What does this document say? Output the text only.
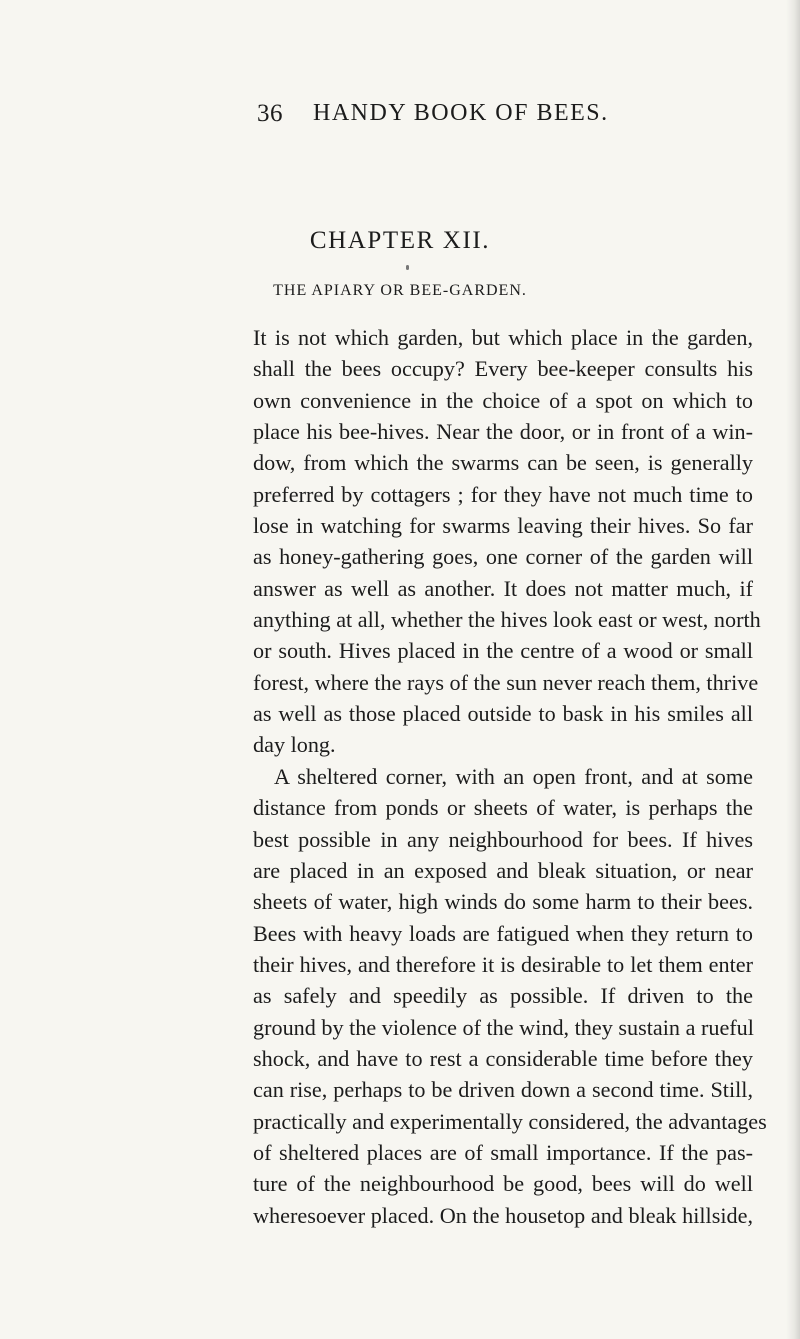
36 HANDY BOOK OF BEES.
CHAPTER XII.
THE APIARY OR BEE-GARDEN.
It is not which garden, but which place in the garden,
shall the bees occupy? Every bee-keeper consults his
own convenience in the choice of a spot on which to
place his bee-hives. Near the door, or in front of a win-
dow, from which the swarms can be seen, is generally
preferred by cottagers ; for they have not much time to
lose in watching for swarms leaving their hives. So far
as honey-gathering goes, one corner of the garden will
answer as well as another. It does not matter much, if
anything at all, whether the hives look east or west, north
or south. Hives placed in the centre of a wood or small
forest, where the rays of the sun never reach them, thrive
as well as those placed outside to bask in his smiles all
day long.
A sheltered corner, with an open front, and at some
distance from ponds or sheets of water, is perhaps the
best possible in any neighbourhood for bees. If hives
are placed in an exposed and bleak situation, or near
sheets of water, high winds do some harm to their bees.
Bees with heavy loads are fatigued when they return to
their hives, and therefore it is desirable to let them enter
as safely and speedily as possible. If driven to the
ground by the violence of the wind, they sustain a rueful
shock, and have to rest a considerable time before they
can rise, perhaps to be driven down a second time. Still,
practically and experimentally considered, the advantages
of sheltered places are of small importance. If the pas-
ture of the neighbourhood be good, bees will do well
wheresoever placed. On the housetop and bleak hillside,
